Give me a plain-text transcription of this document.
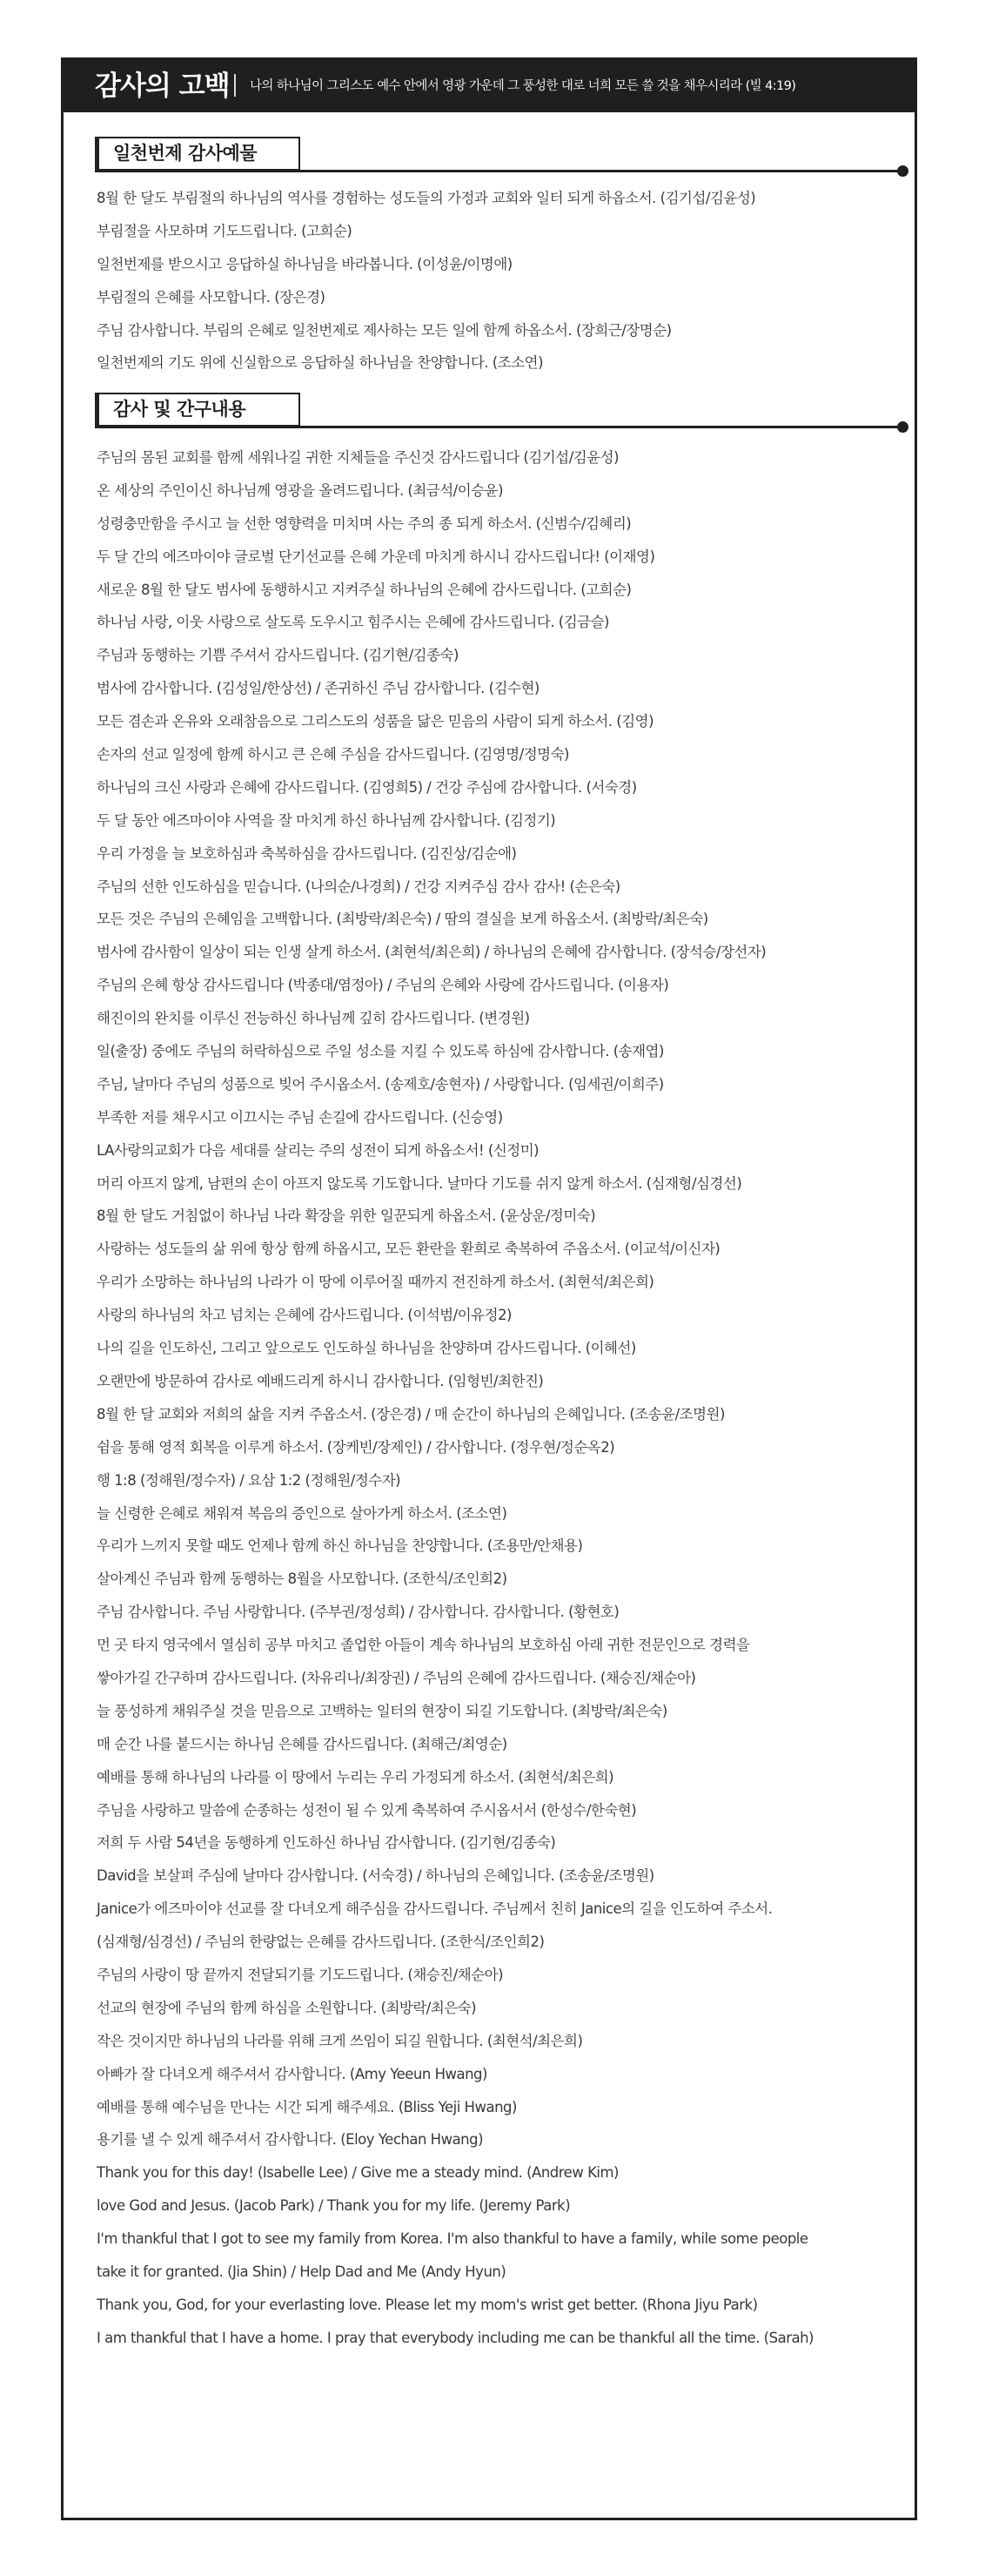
감사의 고백 나의 하나님이 그리스도 예수 안에서 영광 가운데 그 풍성한 대로 너희 모든 쓸 것을 채우시리라 (빌 4:19)
일천번제 감사예물
8월 한 달도 부림절의 하나님의 역사를 경험하는 성도들의 가정과 교회와 일터 되게 하옵소서. (김기섭/김윤성)
부림절을 사모하며 기도드립니다. (고희순)
일천번제를 받으시고 응답하실 하나님을 바라봅니다. (이성윤/이명애)
부림절의 은혜를 사모합니다. (장은경)
주님 감사합니다. 부림의 은혜로 일천번제로 제사하는 모든 일에 함께 하옵소서. (장희근/장명순)
일천번제의 기도 위에 신실함으로 응답하실 하나님을 찬양합니다. (조소연)
감사 및 간구내용
주님의 몸된 교회를 함께 세워나길 귀한 지체들을 주신것 감사드립니다 (김기섭/김윤성)
온 세상의 주인이신 하나님께 영광을 올려드립니다. (최금석/이승윤)
성령충만함을 주시고 늘 선한 영향력을 미치며 사는 주의 종 되게 하소서. (신범수/김혜리)
두 달 간의 에즈마이야 글로벌 단기선교를 은혜 가운데 마치게 하시니 감사드립니다! (이재영)
새로운 8월 한 달도 범사에 동행하시고 지켜주실 하나님의 은혜에 감사드립니다. (고희순)
하나님 사랑, 이웃 사랑으로 살도록 도우시고 힘주시는 은혜에 감사드립니다. (김금슬)
주님과 동행하는 기쁨 주셔서 감사드립니다. (김기현/김종숙)
범사에 감사합니다. (김성일/한상선) / 존귀하신 주님 감사합니다. (김수현)
모든 겸손과 온유와 오래참음으로 그리스도의 성품을 닮은 믿음의 사람이 되게 하소서. (김영)
손자의 선교 일정에 함께 하시고 큰 은혜 주심을 감사드립니다. (김영명/정명숙)
하나님의 크신 사랑과 은혜에 감사드립니다. (김영희5) / 건강 주심에 감사합니다. (서숙경)
두 달 동안 에즈마이야 사역을 잘 마치게 하신 하나님께 감사합니다. (김정기)
우리 가정을 늘 보호하심과 축복하심을 감사드립니다. (김진상/김순애)
주님의 선한 인도하심을 믿습니다. (나의순/나경희) / 건강 지켜주심 감사 감사! (손은숙)
모든 것은 주님의 은혜임을 고백합니다. (최방락/최은숙) / 땀의 결실을 보게 하옵소서. (최방락/최은숙)
범사에 감사함이 일상이 되는 인생 살게 하소서. (최현석/최은희) / 하나님의 은혜에 감사합니다. (장석승/장선자)
주님의 은혜 항상 감사드립니다 (박종대/염정아) / 주님의 은혜와 사랑에 감사드립니다. (이용자)
해진이의 완치를 이루신 전능하신 하나님께 깊히 감사드립니다. (변경원)
일(출장) 중에도 주님의 허락하심으로 주일 성소를 지킬 수 있도록 하심에 감사합니다. (송재엽)
주님, 날마다 주님의 성품으로 빚어 주시옵소서. (송제호/송현자) / 사랑합니다. (임세권/이희주)
부족한 저를 채우시고 이끄시는 주님 손길에 감사드립니다. (신승영)
LA사랑의교회가 다음 세대를 살리는 주의 성전이 되게 하옵소서! (신정미)
머리 아프지 않게, 남편의 손이 아프지 않도록 기도합니다. 날마다 기도를 쉬지 않게 하소서. (심재형/심경선)
8월 한 달도 거침없이 하나님 나라 확장을 위한 일꾼되게 하옵소서. (윤상운/정미숙)
사랑하는 성도들의 삶 위에 항상 함께 하옵시고, 모든 환란을 환희로 축복하여 주옵소서. (이교석/이신자)
우리가 소망하는 하나님의 나라가 이 땅에 이루어질 때까지 전진하게 하소서. (최현석/최은희)
사랑의 하나님의 차고 넘치는 은혜에 감사드립니다. (이석범/이유정2)
나의 길을 인도하신, 그리고 앞으로도 인도하실 하나님을 찬양하며 감사드립니다. (이혜선)
오랜만에 방문하여 감사로 예배드리게 하시니 감사합니다. (임형빈/최한진)
8월 한 달 교회와 저희의 삶을 지켜 주옵소서. (장은경) / 매 순간이 하나님의 은혜입니다. (조송윤/조명원)
쉼을 통해 영적 회복을 이루게 하소서. (장케빈/장제인) / 감사합니다. (정우현/정순옥2)
행 1:8 (정해원/정수자) / 요삼 1:2 (정해원/정수자)
늘 신령한 은혜로 채워져 복음의 증인으로 살아가게 하소서. (조소연)
우리가 느끼지 못할 때도 언제나 함께 하신 하나님을 찬양합니다. (조용만/안채용)
살아계신 주님과 함께 동행하는 8월을 사모합니다. (조한식/조인희2)
주님 감사합니다. 주님 사랑합니다. (주부권/정성희) / 감사합니다. 감사합니다. (황현호)
먼 곳 타지 영국에서 열심히 공부 마치고 졸업한 아들이 계속 하나님의 보호하심 아래 귀한 전문인으로 경력을
쌓아가길 간구하며 감사드립니다. (차유리나/최장권) / 주님의 은혜에 감사드립니다. (채승진/채순아)
늘 풍성하게 채워주실 것을 믿음으로 고백하는 일터의 현장이 되길 기도합니다. (최방락/최은숙)
매 순간 나를 붙드시는 하나님 은혜를 감사드립니다. (최해근/최영순)
예배를 통해 하나님의 나라를 이 땅에서 누리는 우리 가정되게 하소서. (최현석/최은희)
주님을 사랑하고 말씀에 순종하는 성전이 될 수 있게 축복하여 주시옵서서 (한성수/한숙현)
저희 두 사람 54년을 동행하게 인도하신 하나님 감사합니다. (김기현/김종숙)
David을 보살펴 주심에 날마다 감사합니다. (서숙경) / 하나님의 은혜입니다. (조송윤/조명원)
Janice가 에즈마이야 선교를 잘 다녀오게 해주심을 감사드립니다. 주님께서 친히 Janice의 길을 인도하여 주소서.
(심재형/심경선) / 주님의 한량없는 은혜를 감사드립니다. (조한식/조인희2)
주님의 사랑이 땅 끝까지 전달되기를 기도드립니다. (채승진/채순아)
선교의 현장에 주님의 함께 하심을 소원합니다. (최방락/최은숙)
작은 것이지만 하나님의 나라를 위해 크게 쓰임이 되길 원합니다. (최현석/최은희)
아빠가 잘 다녀오게 해주셔서 감사합니다. (Amy Yeeun Hwang)
예배를 통해 예수님을 만나는 시간 되게 해주세요. (Bliss Yeji Hwang)
용기를 낼 수 있게 해주셔서 감사합니다. (Eloy Yechan Hwang)
Thank you for this day! (Isabelle Lee) / Give me a steady mind. (Andrew Kim)
love God and Jesus. (Jacob Park) / Thank you for my life. (Jeremy Park)
I'm thankful that I got to see my family from Korea. I'm also thankful to have a family, while some people
take it for granted. (Jia Shin) / Help Dad and Me (Andy Hyun)
Thank you, God, for your everlasting love. Please let my mom's wrist get better. (Rhona Jiyu Park)
I am thankful that I have a home. I pray that everybody including me can be thankful all the time. (Sarah)
